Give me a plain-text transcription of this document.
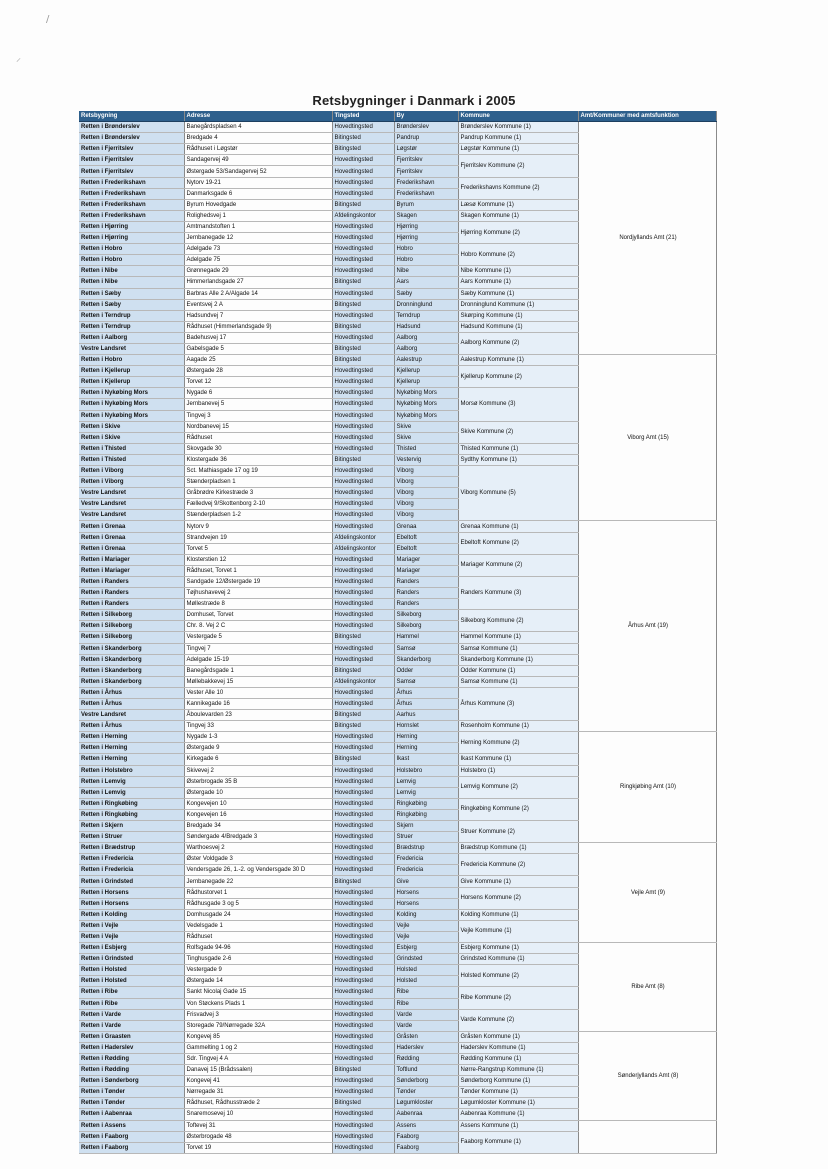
/
⸝
Retsbygninger i Danmark i 2005
Retsbygning	Adresse	Tingsted	By	Kommune	Amt/Kommuner med amtsfunktion
Retten i Brønderslev	Banegårdspladsen 4	Hovedtingsted	Brønderslev	Brønderslev Kommune (1)	Nordjyllands Amt (21)
Retten i Brønderslev	Bredgade 4	Bitingsted	Pandrup	Pandrup Kommune (1)	
Retten i Fjerritslev	Rådhuset i Løgstør	Bitingsted	Løgstør	Løgstør Kommune (1)	
Retten i Fjerritslev	Sandagervej 49	Hovedtingsted	Fjerritslev	Fjerritslev Kommune (2)	
Retten i Fjerritslev	Østergade 53/Sandagervej 52	Hovedtingsted	Fjerritslev		
Retten i Frederikshavn	Nytorv 19-21	Hovedtingsted	Frederikshavn	Frederikshavns Kommune (2)	
Retten i Frederikshavn	Danmarksgade 6	Hovedtingsted	Frederikshavn		
Retten i Frederikshavn	Byrum Hovedgade	Bitingsted	Byrum	Læsø Kommune (1)	
Retten i Frederikshavn	Rolighedsvej 1	Afdelingskontor	Skagen	Skagen Kommune (1)	
Retten i Hjørring	Amtmandstoften 1	Hovedtingsted	Hjørring	Hjørring Kommune (2)	
Retten i Hjørring	Jernbanegade 12	Hovedtingsted	Hjørring		
Retten i Hobro	Adelgade 73	Hovedtingsted	Hobro	Hobro Kommune (2)	
Retten i Hobro	Adelgade 75	Hovedtingsted	Hobro		
Retten i Nibe	Grønnegade 29	Hovedtingsted	Nibe	Nibe Kommune (1)	
Retten i Nibe	Himmerlandsgade 27	Bitingsted	Aars	Aars Kommune (1)	
Retten i Sæby	Barbras Alle 2 A/Algade 14	Hovedtingsted	Sæby	Sæby Kommune (1)	
Retten i Sæby	Eventsvej 2 A	Bitingsted	Dronninglund	Dronninglund Kommune (1)	
Retten i Terndrup	Hadsundvej 7	Hovedtingsted	Terndrup	Skørping Kommune (1)	
Retten i Terndrup	Rådhuset (Himmerlandsgade 9)	Bitingsted	Hadsund	Hadsund Kommune (1)	
Retten i Aalborg	Badehusvej 17	Hovedtingsted	Aalborg	Aalborg Kommune (2)	
Vestre Landsret	Gabelsgade 5	Bitingsted	Aalborg		
Retten i Hobro	Aagade 25	Bitingsted	Aalestrup	Aalestrup Kommune (1)	Viborg Amt (15)
Retten i Kjellerup	Østergade 28	Hovedtingsted	Kjellerup	Kjellerup Kommune (2)	
Retten i Kjellerup	Torvet 12	Hovedtingsted	Kjellerup		
Retten i Nykøbing Mors	Nygade 6	Hovedtingsted	Nykøbing Mors	Morsø Kommune (3)	
Retten i Nykøbing Mors	Jernbanevej 5	Hovedtingsted	Nykøbing Mors		
Retten i Nykøbing Mors	Tingvej 3	Hovedtingsted	Nykøbing Mors		
Retten i Skive	Nordbanevej 15	Hovedtingsted	Skive	Skive Kommune (2)	
Retten i Skive	Rådhuset	Hovedtingsted	Skive		
Retten i Thisted	Skovgade 30	Hovedtingsted	Thisted	Thisted Kommune (1)	
Retten i Thisted	Klostergade 36	Bitingsted	Vestervig	Sydthy Kommune (1)	
Retten i Viborg	Sct. Mathiasgade 17 og 19	Hovedtingsted	Viborg	Viborg Kommune (5)	
Retten i Viborg	Stænderpladsen 1	Hovedtingsted	Viborg		
Vestre Landsret	Gråbrødre Kirkestræde 3	Hovedtingsted	Viborg		
Vestre Landsret	Fælledvej 9/Skottenborg 2-10	Hovedtingsted	Viborg		
Vestre Landsret	Stænderpladsen 1-2	Hovedtingsted	Viborg		
Retten i Grenaa	Nytorv 9	Hovedtingsted	Grenaa	Grenaa Kommune (1)	Århus Amt (19)
Retten i Grenaa	Strandvejen 19	Afdelingskontor	Ebeltoft	Ebeltoft Kommune (2)	
Retten i Grenaa	Torvet 5	Afdelingskontor	Ebeltoft		
Retten i Mariager	Klosterstien 12	Hovedtingsted	Mariager	Mariager Kommune (2)	
Retten i Mariager	Rådhuset, Torvet 1	Hovedtingsted	Mariager		
Retten i Randers	Sandgade 12/Østergade 19	Hovedtingsted	Randers	Randers Kommune (3)	
Retten i Randers	Tøjhushavevej 2	Hovedtingsted	Randers		
Retten i Randers	Møllestræde 8	Hovedtingsted	Randers		
Retten i Silkeborg	Domhuset, Torvet	Hovedtingsted	Silkeborg	Silkeborg Kommune (2)	
Retten i Silkeborg	Chr. 8. Vej 2 C	Hovedtingsted	Silkeborg		
Retten i Silkeborg	Vestergade 5	Bitingsted	Hammel	Hammel Kommune (1)	
Retten i Skanderborg	Tingvej 7	Hovedtingsted	Samsø	Samsø Kommune (1)	
Retten i Skanderborg	Adelgade 15-19	Hovedtingsted	Skanderborg	Skanderborg Kommune (1)	
Retten i Skanderborg	Banegårdsgade 1	Bitingsted	Odder	Odder Kommune (1)	
Retten i Skanderborg	Møllebakkevej 15	Afdelingskontor	Samsø	Samsø Kommune (1)	
Retten i Århus	Vester Alle 10	Hovedtingsted	Århus	Århus Kommune (3)	
Retten i Århus	Kannikegade 16	Hovedtingsted	Århus		
Vestre Landsret	Åboulevarden 23	Bitingsted	Aarhus		
Retten i Århus	Tingvej 33	Bitingsted	Hornslet	Rosenholm Kommune (1)	
Retten i Herning	Nygade 1-3	Hovedtingsted	Herning	Herning Kommune (2)	Ringkjøbing Amt (10)
Retten i Herning	Østergade 9	Hovedtingsted	Herning		
Retten i Herning	Kirkegade 6	Bitingsted	Ikast	Ikast Kommune (1)	
Retten i Holstebro	Skivevej 2	Hovedtingsted	Holstebro	Holstebro (1)	
Retten i Lemvig	Østerbrogade 35 B	Hovedtingsted	Lemvig	Lemvig Kommune (2)	
Retten i Lemvig	Østergade 10	Hovedtingsted	Lemvig		
Retten i Ringkøbing	Kongevejen 10	Hovedtingsted	Ringkøbing	Ringkøbing Kommune (2)	
Retten i Ringkøbing	Kongevejen 16	Hovedtingsted	Ringkøbing		
Retten i Skjern	Bredgade 34	Hovedtingsted	Skjern	Struer Kommune (2)	
Retten i Struer	Søndergade 4/Bredgade 3	Hovedtingsted	Struer		
Retten i Brædstrup	Warthoesvej 2	Hovedtingsted	Brædstrup	Brædstrup Kommune (1)	Vejle Amt (9)
Retten i Fredericia	Øster Voldgade 3	Hovedtingsted	Fredericia	Fredericia Kommune (2)	
Retten i Fredericia	Vendersgade 26, 1.-2. og Vendersgade 30 D	Hovedtingsted	Fredericia		
Retten i Grindsted	Jernbanegade 22	Bitingsted	Give	Give Kommune (1)	
Retten i Horsens	Rådhustorvet 1	Hovedtingsted	Horsens	Horsens Kommune (2)	
Retten i Horsens	Rådhusgade 3 og 5	Hovedtingsted	Horsens		
Retten i Kolding	Domhusgade 24	Hovedtingsted	Kolding	Kolding Kommune (1)	
Retten i Vejle	Vedelsgade 1	Hovedtingsted	Vejle	Vejle Kommune (1)	
Retten i Vejle	Rådhuset	Hovedtingsted	Vejle		
Retten i Esbjerg	Rolfsgade 94-96	Hovedtingsted	Esbjerg	Esbjerg Kommune (1)	Ribe Amt (8)
Retten i Grindsted	Tinghusgade 2-6	Hovedtingsted	Grindsted	Grindsted Kommune (1)	
Retten i Holsted	Vestergade 9	Hovedtingsted	Holsted	Holsted Kommune (2)	
Retten i Holsted	Østergade 14	Hovedtingsted	Holsted		
Retten i Ribe	Sankt Nicolaj Gade 15	Hovedtingsted	Ribe	Ribe Kommune (2)	
Retten i Ribe	Von Støckens Plads 1	Hovedtingsted	Ribe		
Retten i Varde	Frisvadvej 3	Hovedtingsted	Varde	Varde Kommune (2)	
Retten i Varde	Storegade 79/Nørregade 32A	Hovedtingsted	Varde		
Retten i Graasten	Kongevej 85	Hovedtingsted	Gråsten	Gråsten Kommune (1)	Sønderjyllands Amt (8)
Retten i Haderslev	Gammelting 1 og 2	Hovedtingsted	Haderslev	Haderslev Kommune (1)	
Retten i Rødding	Sdr. Tingvej 4 A	Hovedtingsted	Rødding	Rødding Kommune (1)	
Retten i Rødding	Danavej 15 (Brådssalen)	Bitingsted	Toftlund	Nørre-Rangstrup Kommune (1)	
Retten i Sønderborg	Kongevej 41	Hovedtingsted	Sønderborg	Sønderborg Kommune (1)	
Retten i Tønder	Nørregade 31	Hovedtingsted	Tønder	Tønder Kommune (1)	
Retten i Tønder	Rådhuset, Rådhusstræde 2	Bitingsted	Løgumkloster	Løgumkloster Kommune (1)	
Retten i Aabenraa	Snaremosevej 10	Hovedtingsted	Aabenraa	Aabenraa Kommune (1)	
Retten i Assens	Toftevej 31	Hovedtingsted	Assens	Assens Kommune (1)	
Retten i Faaborg	Østerbrogade 48	Hovedtingsted	Faaborg	Faaborg Kommune (1)	
Retten i Faaborg	Torvet 19	Hovedtingsted	Faaborg		
